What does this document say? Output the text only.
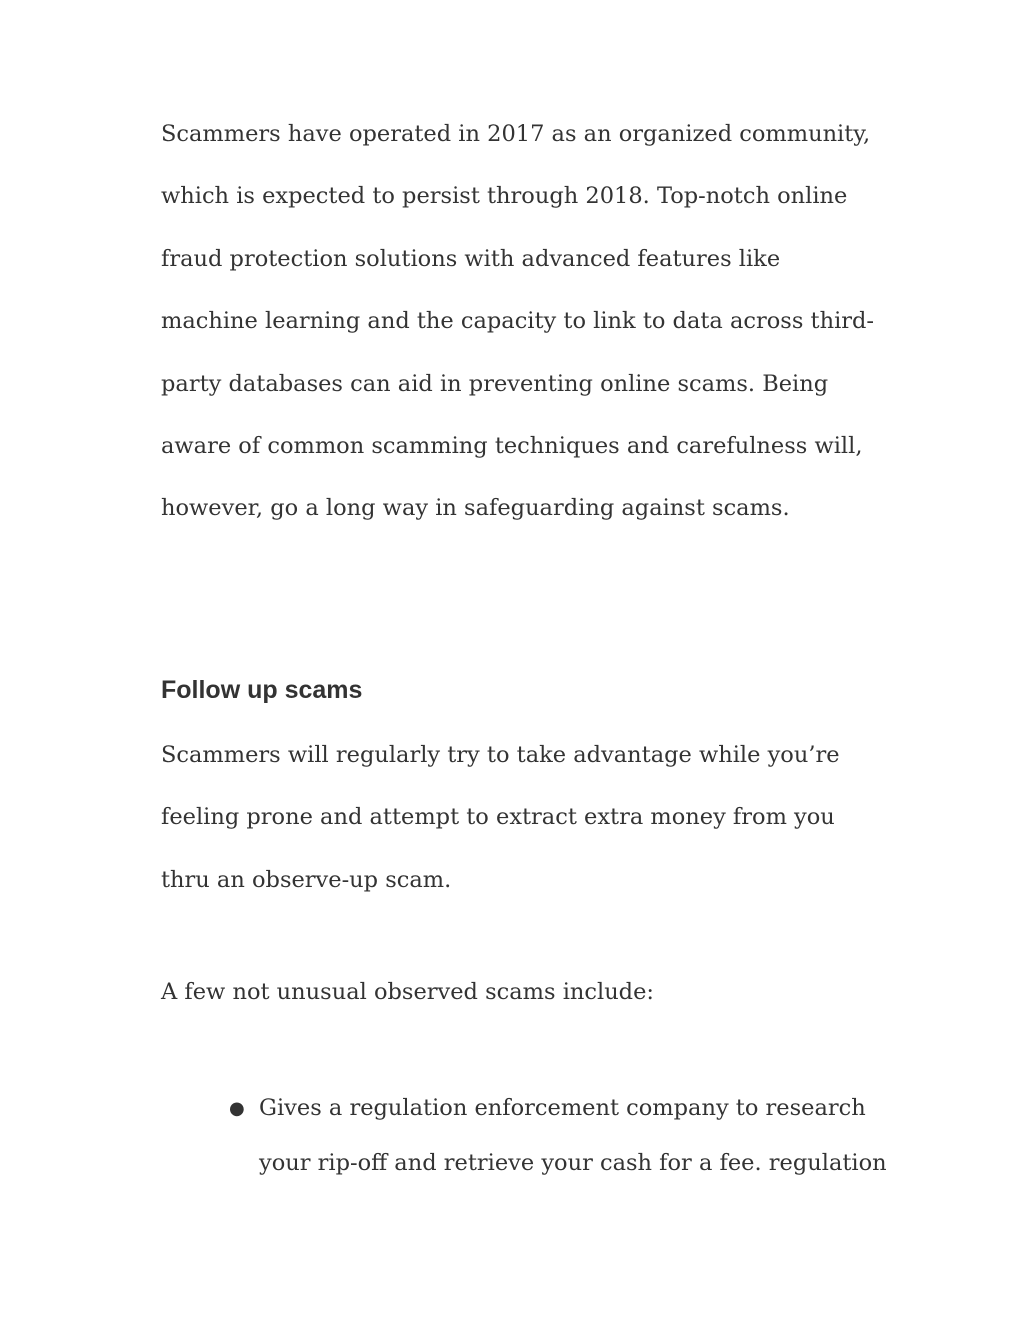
Scammers have operated in 2017 as an organized community, which is expected to persist through 2018. Top-notch online fraud protection solutions with advanced features like machine learning and the capacity to link to data across third-party databases can aid in preventing online scams. Being aware of common scamming techniques and carefulness will, however, go a long way in safeguarding against scams.

Follow up scams

Scammers will regularly try to take advantage while you’re feeling prone and attempt to extract extra money from you thru an observe-up scam.

A few not unusual observed scams include:

● Gives a regulation enforcement company to research your rip-off and retrieve your cash for a fee. regulation
